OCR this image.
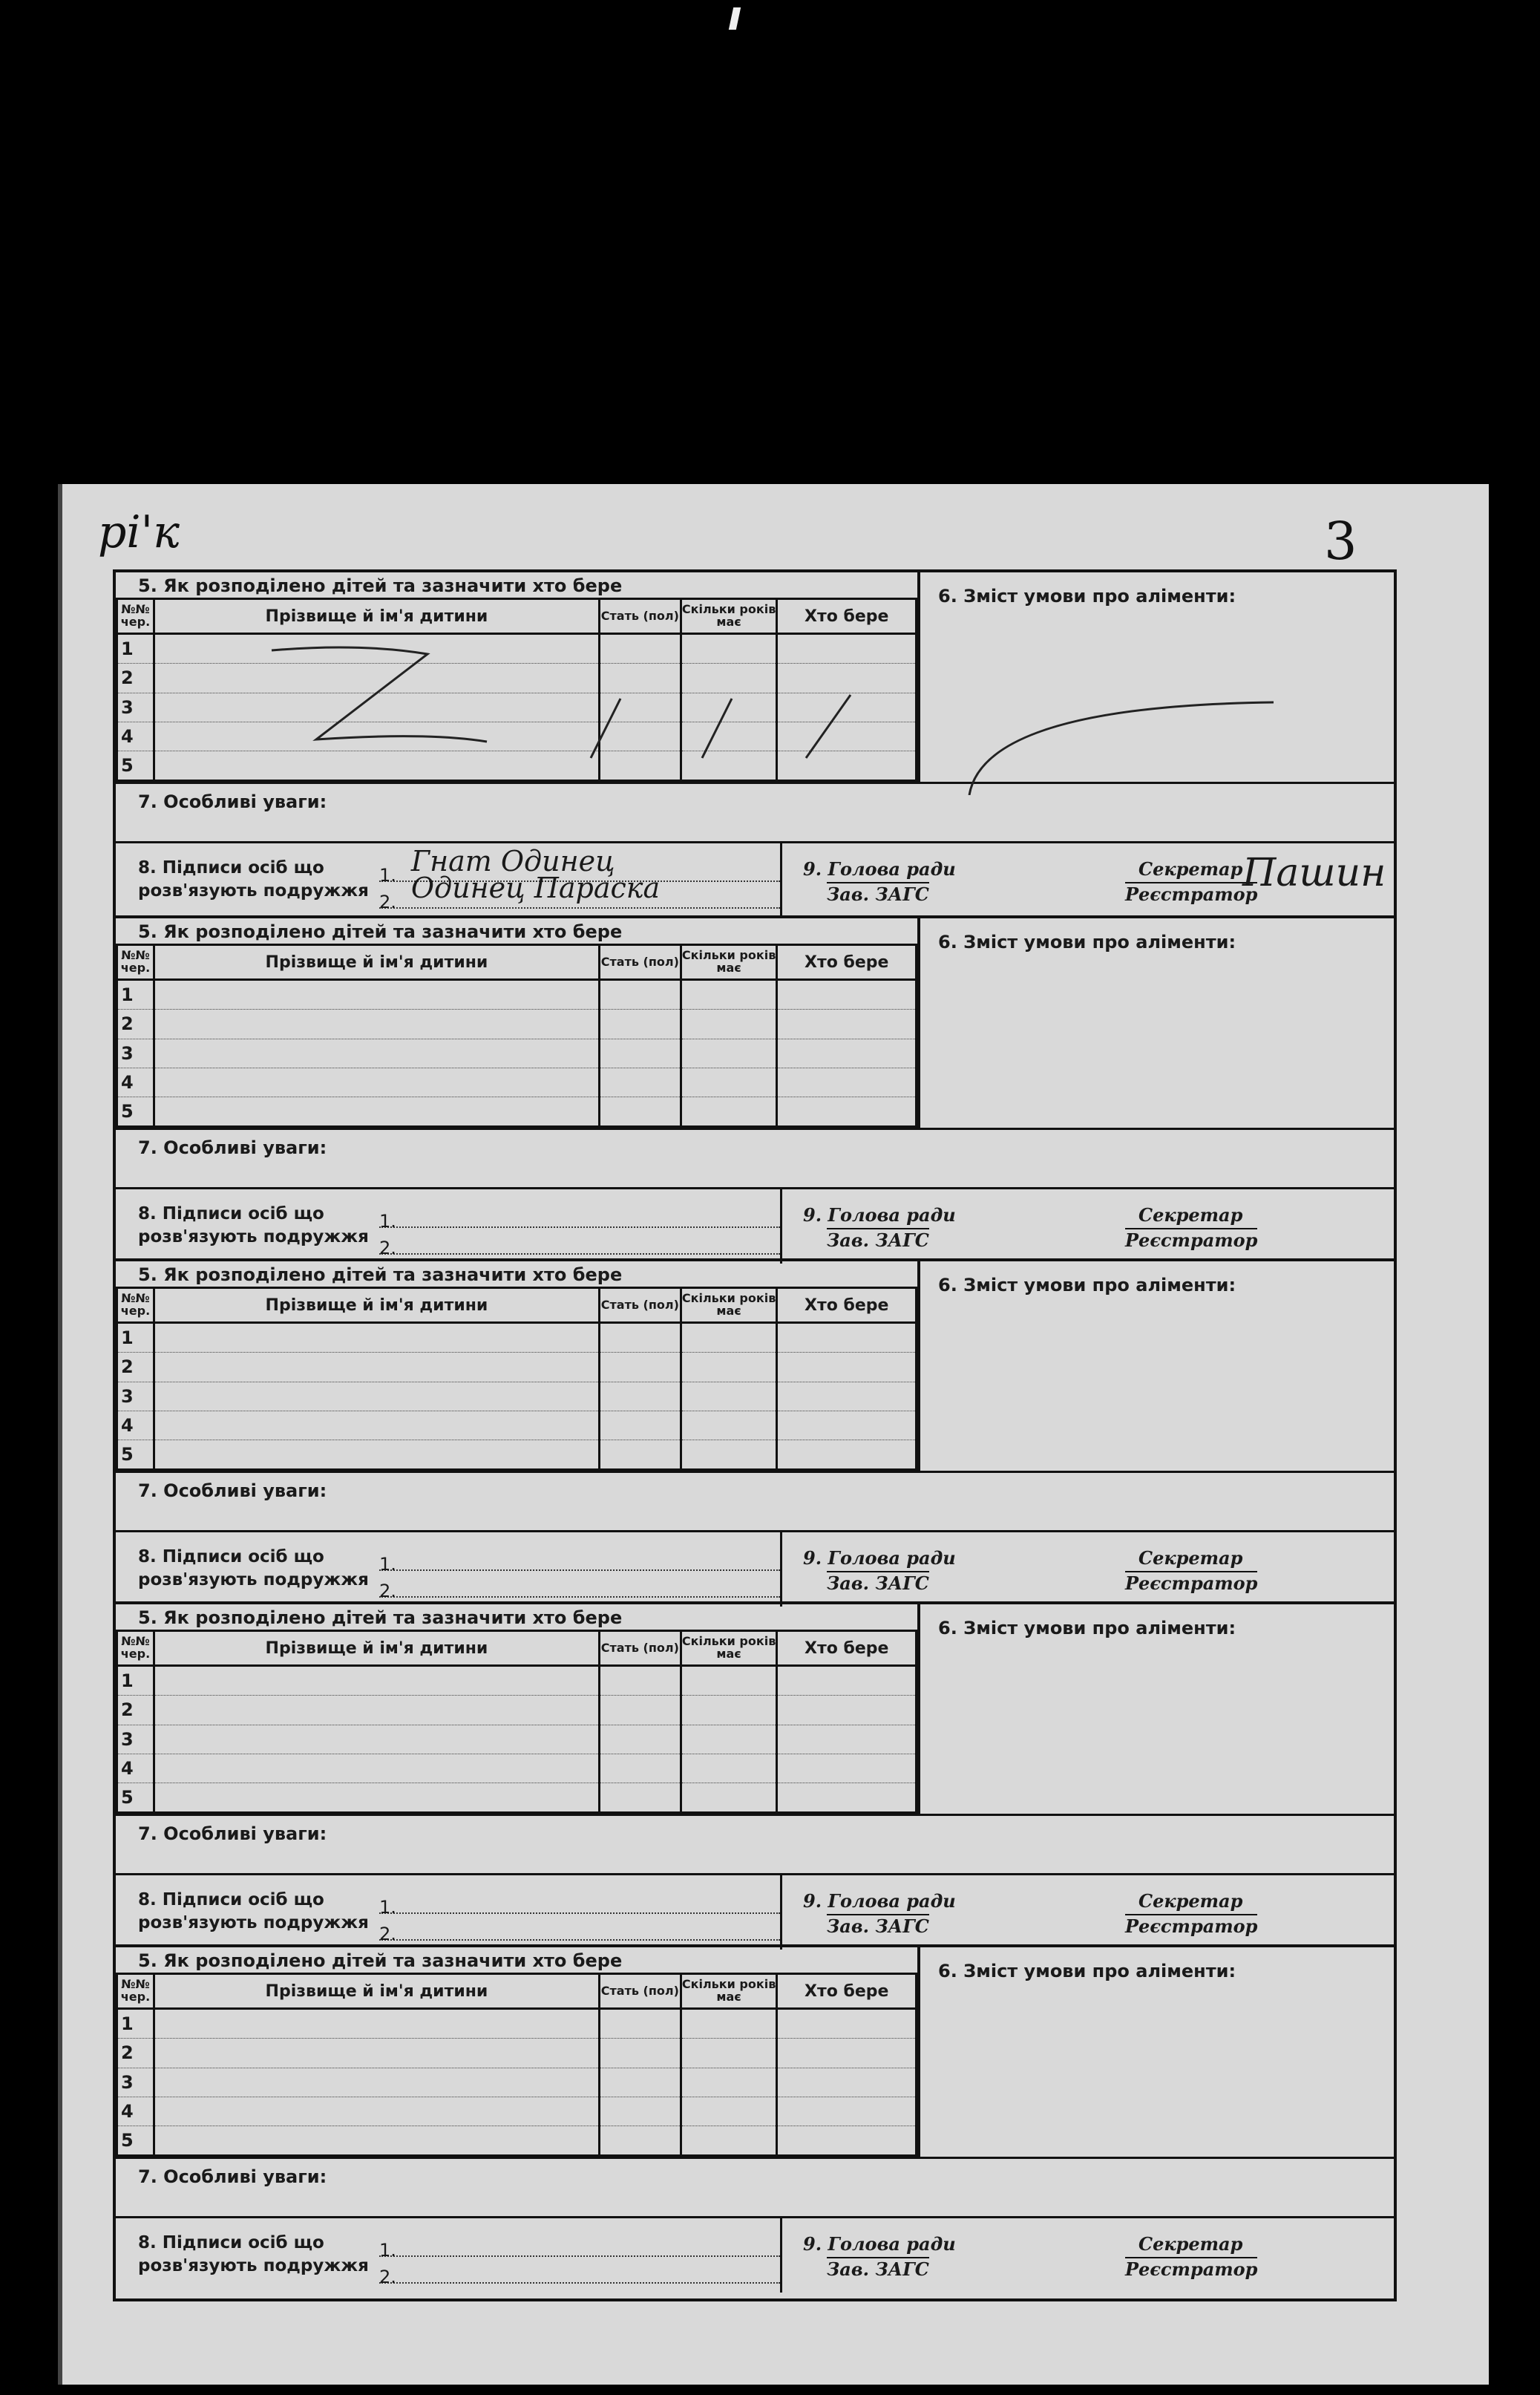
pi'к	3
5. Як розподілено дітей та зазначити хто бере
№№ чер.	Прізвище й ім'я дитини	Стать (пол)	Скільки років має	Хто бере
1				
2				
3				
4				
5				
6. Зміст умови про аліменти:
7. Особливі уваги:
8. Підписи осіб що розв'язують подружжя
1. Гнат Одинец
2. Одинец Параска
9. Голова ради
Зав. ЗАГС
Секретар
Реєстратор
Пашин
5. Як розподілено дітей та зазначити хто бере
№№ чер.	Прізвище й ім'я дитини	Стать (пол)	Скільки років має	Хто бере
1				
2				
3				
4				
5				
6. Зміст умови про аліменти:
7. Особливі уваги:
8. Підписи осіб що розв'язують подружжя
1.
2.
9. Голова ради
Зав. ЗАГС
Секретар
Реєстратор
5. Як розподілено дітей та зазначити хто бере
№№ чер.	Прізвище й ім'я дитини	Стать (пол)	Скільки років має	Хто бере
1				
2				
3				
4				
5				
6. Зміст умови про аліменти:
7. Особливі уваги:
8. Підписи осіб що розв'язують подружжя
1.
2.
9. Голова ради
Зав. ЗАГС
Секретар
Реєстратор
5. Як розподілено дітей та зазначити хто бере
№№ чер.	Прізвище й ім'я дитини	Стать (пол)	Скільки років має	Хто бере
1				
2				
3				
4				
5				
6. Зміст умови про аліменти:
7. Особливі уваги:
8. Підписи осіб що розв'язують подружжя
1.
2.
9. Голова ради
Зав. ЗАГС
Секретар
Реєстратор
5. Як розподілено дітей та зазначити хто бере
№№ чер.	Прізвище й ім'я дитини	Стать (пол)	Скільки років має	Хто бере
1				
2				
3				
4				
5				
6. Зміст умови про аліменти:
7. Особливі уваги:
8. Підписи осіб що розв'язують подружжя
1.
2.
9. Голова ради
Зав. ЗАГС
Секретар
Реєстратор
